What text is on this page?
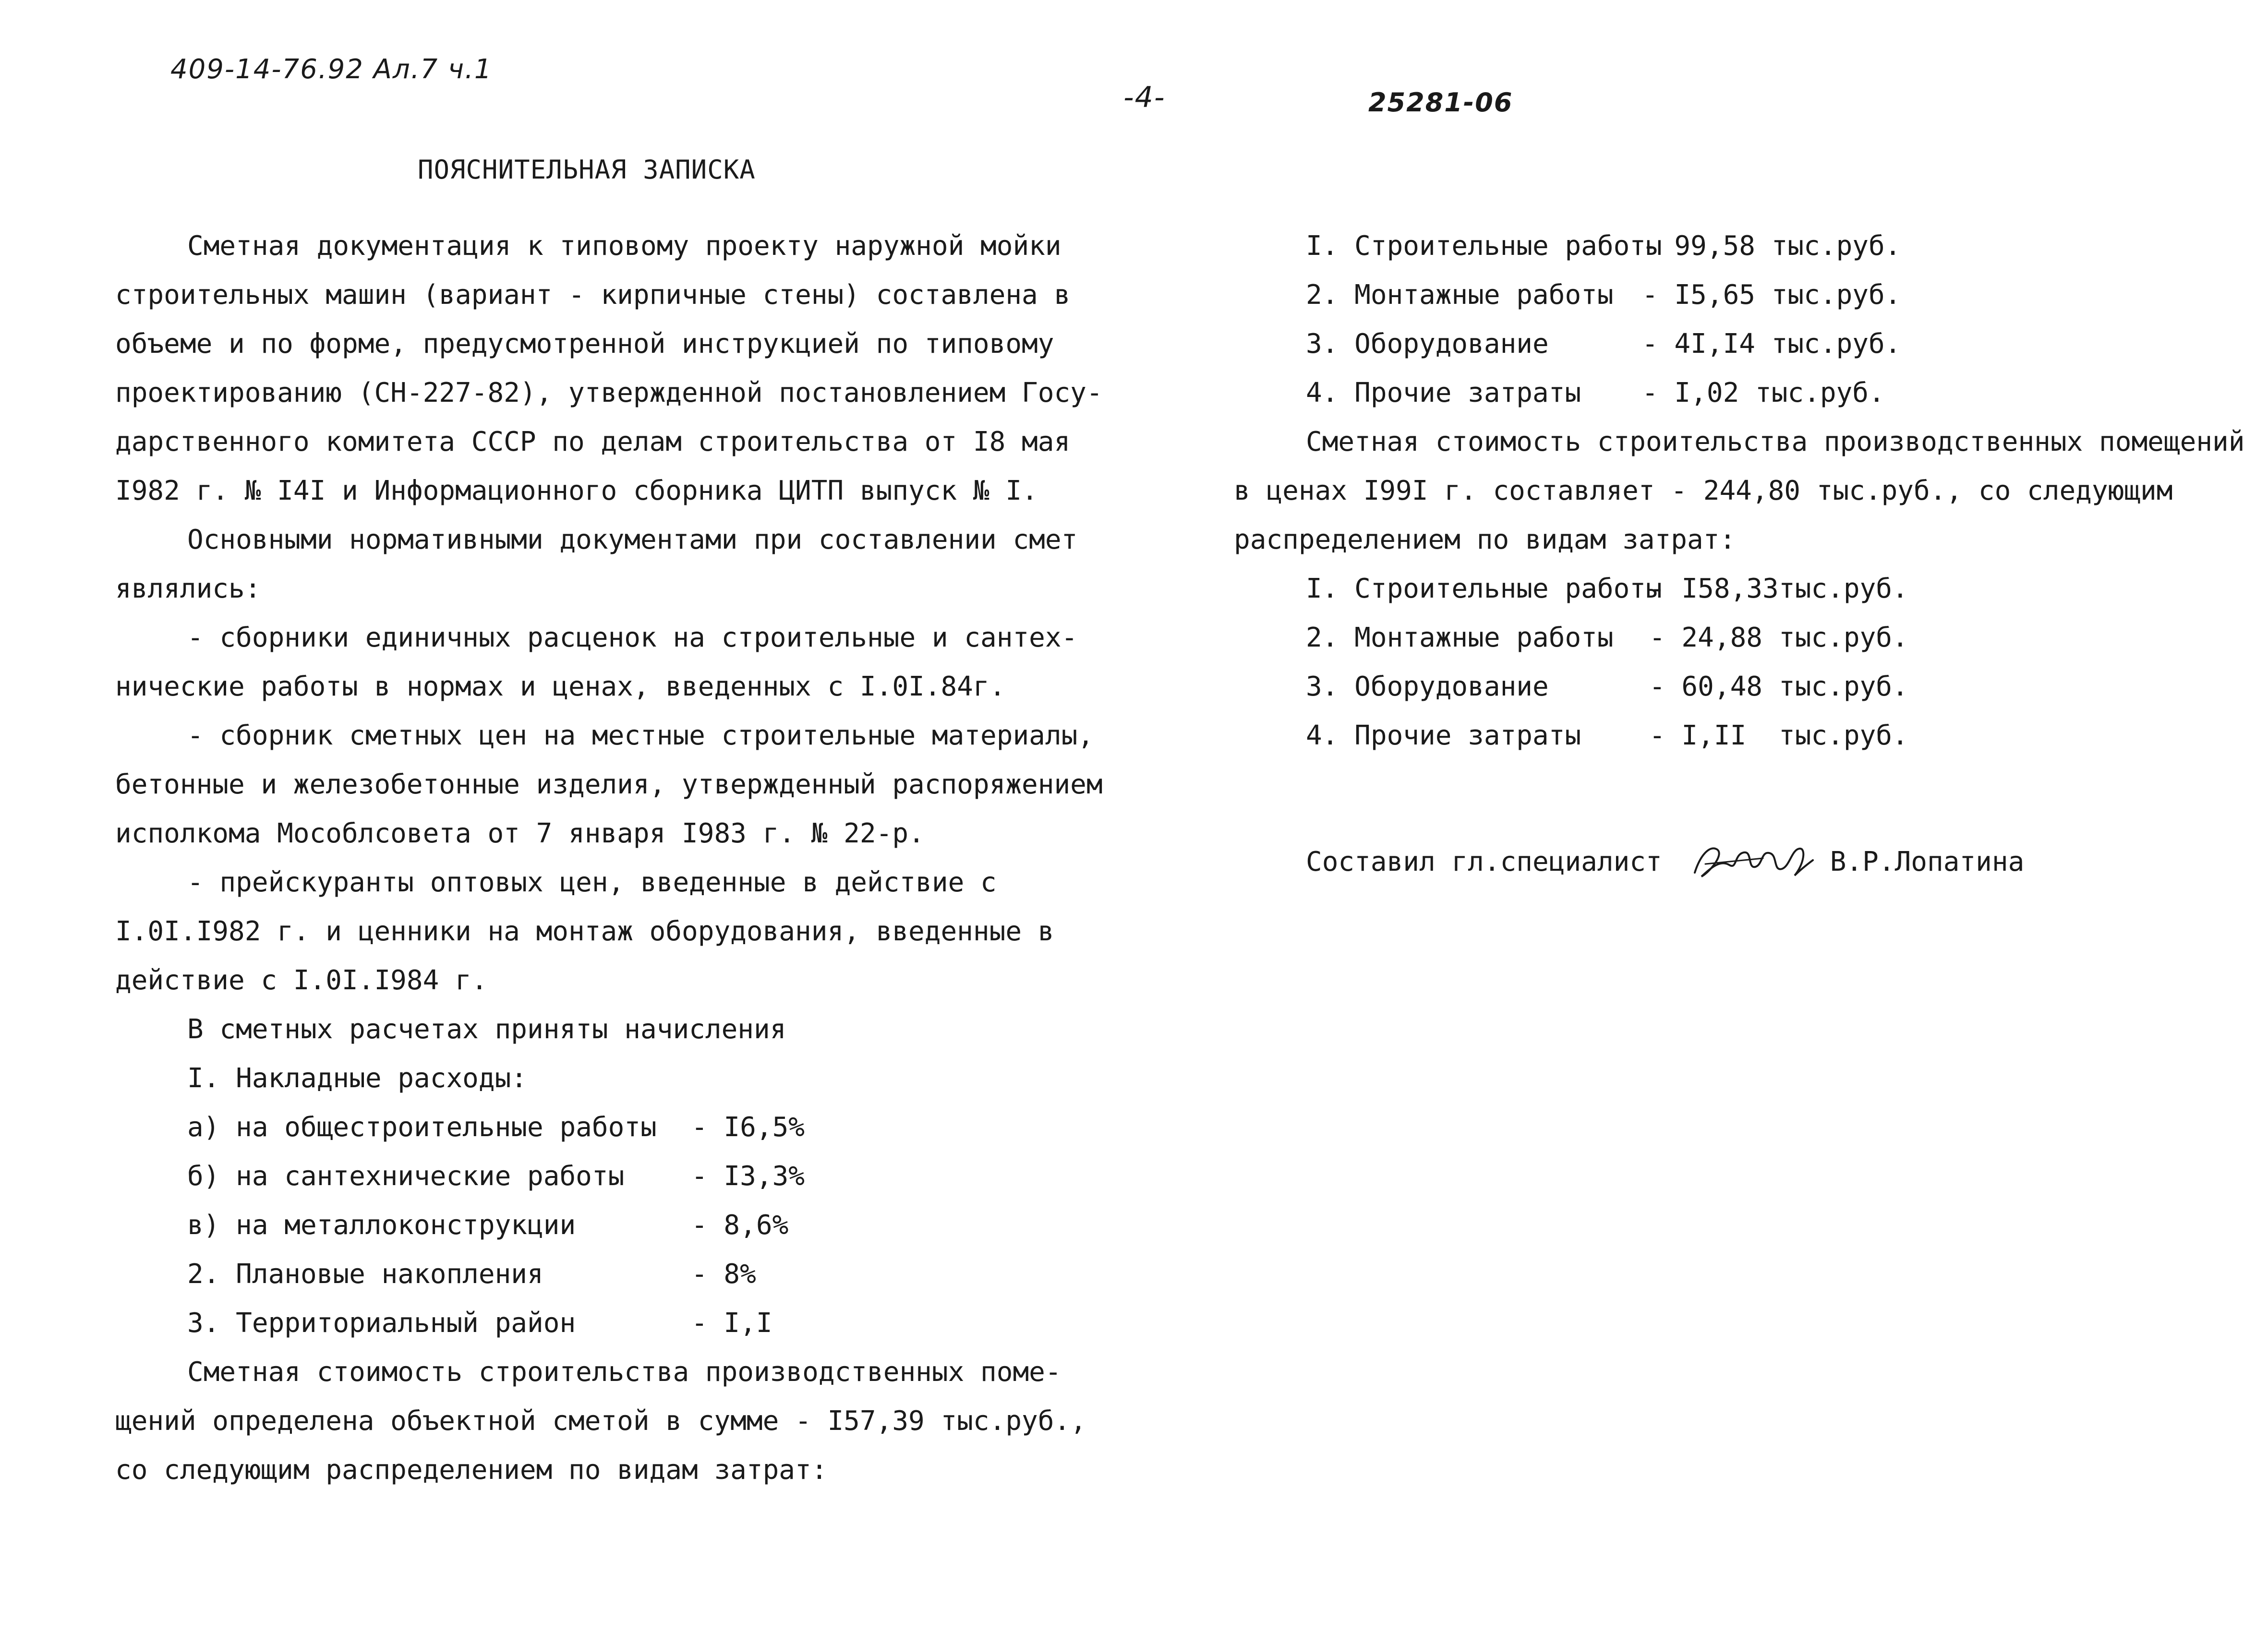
409-14-76.92 Ал.7 ч.1
-4-	25281-06
ПОЯСНИТЕЛЬНАЯ ЗАПИСКА
Сметная документация к типовому проекту наружной мойки
строительных машин (вариант - кирпичные стены) составлена в
объеме и по форме, предусмотренной инструкцией по типовому
проектированию (СН-227-82), утвержденной постановлением Госу-
дарственного комитета СССР по делам строительства от I8 мая
I982 г. № I4I и Информационного сборника ЦИТП выпуск № I.
Основными нормативными документами при составлении смет
являлись:
- сборники единичных расценок на строительные и сантех-
нические работы в нормах и ценах, введенных с I.0I.84г.
- сборник сметных цен на местные строительные материалы,
бетонные и железобетонные изделия, утвержденный распоряжением
исполкома Мособлсовета от 7 января I983 г. № 22-р.
- прейскуранты оптовых цен, введенные в действие с
I.0I.I982 г. и ценники на монтаж оборудования, введенные в
действие с I.0I.I984 г.
В сметных расчетах приняты начисления
I. Накладные расходы:
а) на общестроительные работы - I6,5%
б) на сантехнические работы - I3,3%
в) на металлоконструкции	- 8,6%
2. Плановые накопления	- 8%
3. Территориальный район	- I,I
Сметная стоимость строительства производственных поме-
щений определена объектной сметой в сумме - I57,39 тыс.руб.,
со следующим распределением по видам затрат:
I. Строительные работы- 99,58 тыс.руб.
2. Монтажные работы - I5,65 тыс.руб.
3. Оборудование	- 4I,I4 тыс.руб.
4. Прочие затраты - I,02 тыс.руб.
Сметная стоимость строительства производственных помещений
в ценах I99I г. составляет - 244,80 тыс.руб., со следующим
распределением по видам затрат:
I. Строительные работы- I58,33тыс.руб.
2. Монтажные работы - 24,88 тыс.руб.
3. Оборудование	- 60,48 тыс.руб.
4. Прочие затраты	- I,II тыс.руб.
Составил гл.специалист	В.Р.Лопатина
